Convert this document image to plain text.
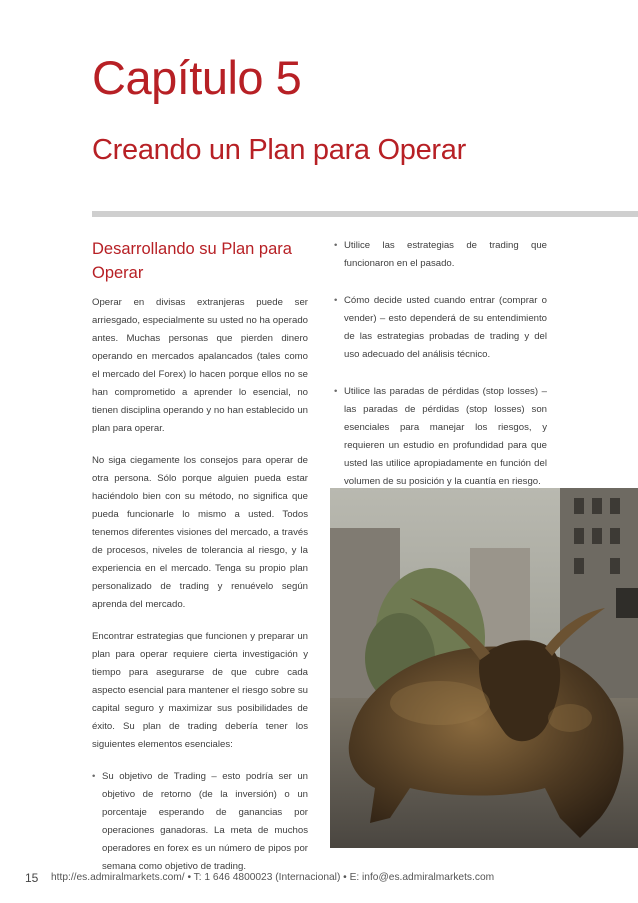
Capítulo 5
Creando un Plan para Operar
Desarrollando su Plan para Operar

Operar en divisas extranjeras puede ser arriesgado, especialmente su usted no ha operado antes. Muchas personas que pierden dinero operando en mercados apalancados (tales como el mercado del Forex) lo hacen porque ellos no se han comprometido a aprender lo esencial, no tienen disciplina operando y no han establecido un plan para operar.

No siga ciegamente los consejos para operar de otra persona. Sólo porque alguien pueda estar haciéndolo bien con su método, no significa que pueda funcionarle lo mismo a usted. Todos tenemos diferentes visiones del mercado, a través de procesos, niveles de tolerancia al riesgo, y la experiencia en el mercado. Tenga su propio plan personalizado de trading y renuévelo según aprenda del mercado.

Encontrar estrategias que funcionen y preparar un plan para operar requiere cierta investigación y tiempo para asegurarse de que cubre cada aspecto esencial para mantener el riesgo sobre su capital seguro y maximizar sus posibilidades de éxito. Su plan de trading debería tener los siguientes elementos esenciales:

• Su objetivo de Trading – esto podría ser un objetivo de retorno (de la inversión) o un porcentaje esperando de ganancias por operaciones ganadoras. La meta de muchos operadores en forex es un número de pipos por semana como objetivo de trading.
• Utilice las estrategias de trading que funcionaron en el pasado.
• Cómo decide usted cuando entrar (comprar o vender) – esto dependerá de su entendimiento de las estrategias probadas de trading y del uso adecuado del análisis técnico.
• Utilice las paradas de pérdidas (stop losses) – las paradas de pérdidas (stop losses) son esenciales para manejar los riesgos, y requieren un estudio en profundidad para que usted las utilice apropiadamente en función del volumen de su posición y la cuantía en riesgo.
15 http://es.admiralmarkets.com/ • T: 1 646 4800023 (Internacional) • E: info@es.admiralmarkets.com
